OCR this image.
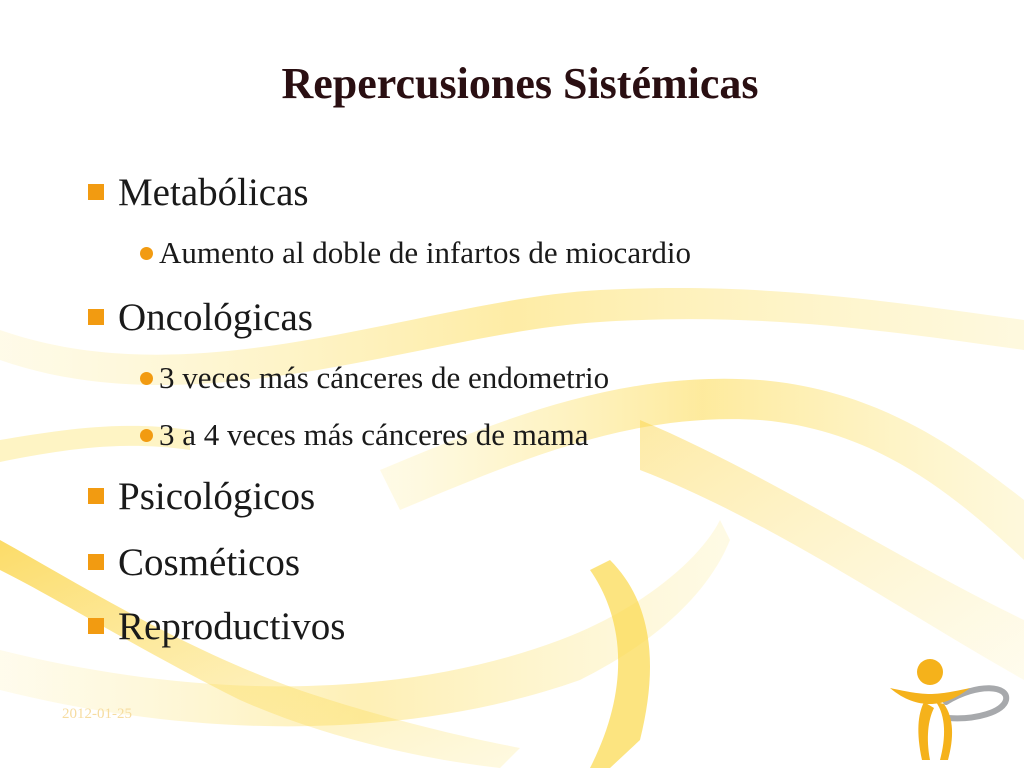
Repercusiones Sistémicas
Metabólicas
Aumento al doble de infartos de miocardio
Oncológicas
3 veces más cánceres de endometrio
3 a 4 veces más cánceres de mama
Psicológicos
Cosméticos
Reproductivos
2012-01-25
